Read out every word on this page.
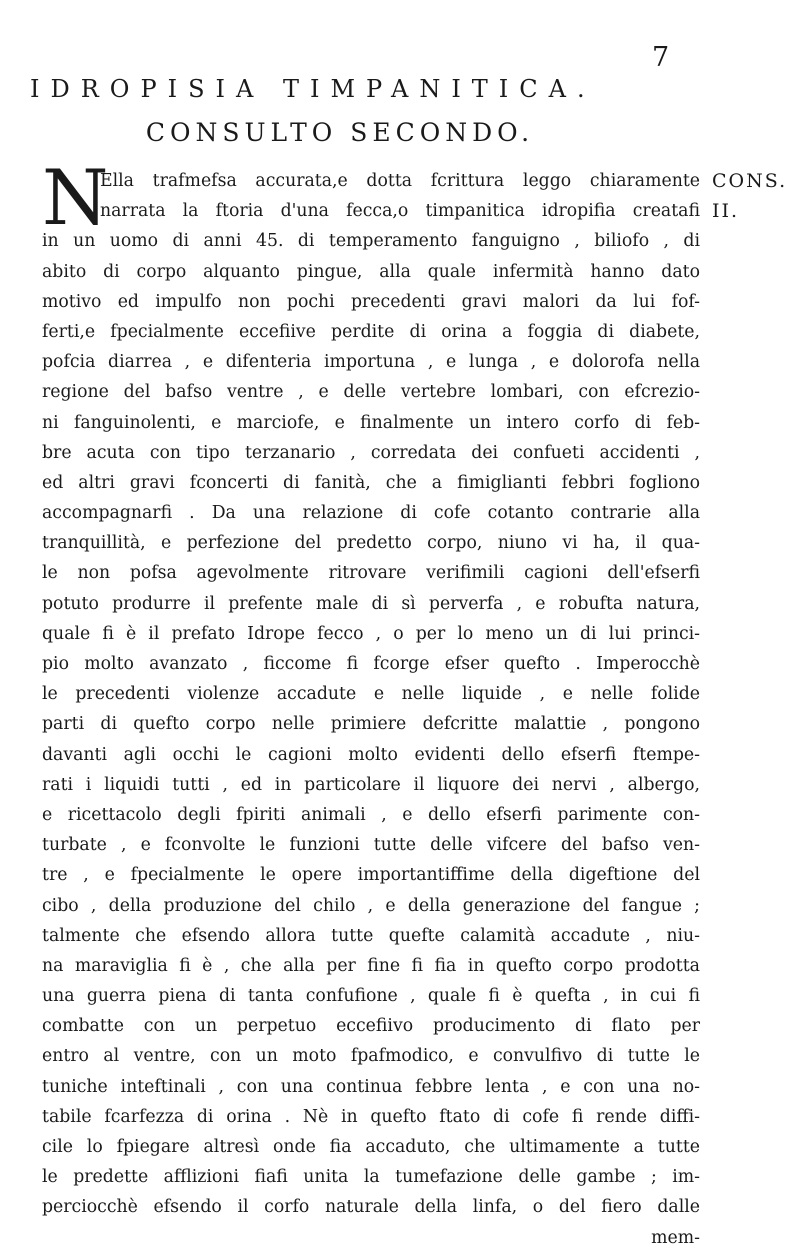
7
IDROPISIA TIMPANITICA.
CONSULTO SECONDO.
CONS.
II.
N
Ella trafmefsa accurata,e dotta fcrittura leggo chiaramente
narrata la ftoria d'una fecca,o timpanitica idropifia creatafi
in un uomo di anni 45. di temperamento fanguigno , biliofo , di
abito di corpo alquanto pingue, alla quale infermità hanno dato
motivo ed impulfo non pochi precedenti gravi malori da lui fof-
ferti,e fpecialmente eccefiive perdite di orina a foggia di diabete,
pofcia diarrea , e difenteria importuna , e lunga , e dolorofa nella
regione del bafso ventre , e delle vertebre lombari, con efcrezio-
ni fanguinolenti, e marciofe, e finalmente un intero corfo di feb-
bre acuta con tipo terzanario , corredata dei confueti accidenti ,
ed altri gravi fconcerti di fanità, che a fimiglianti febbri fogliono
accompagnarfi . Da una relazione di cofe cotanto contrarie alla
tranquillità, e perfezione del predetto corpo, niuno vi ha, il qua-
le non pofsa agevolmente ritrovare verifimili cagioni dell'efserfi
potuto produrre il prefente male di sì perverfa , e robufta natura,
quale fi è il prefato Idrope fecco , o per lo meno un di lui princi-
pio molto avanzato , ficcome fi fcorge efser quefto . Imperocchè
le precedenti violenze accadute e nelle liquide , e nelle folide
parti di quefto corpo nelle primiere defcritte malattie , pongono
davanti agli occhi le cagioni molto evidenti dello efserfi ftempe-
rati i liquidi tutti , ed in particolare il liquore dei nervi , albergo,
e ricettacolo degli fpiriti animali , e dello efserfi parimente con-
turbate , e fconvolte le funzioni tutte delle vifcere del bafso ven-
tre , e fpecialmente le opere importantiffime della digeftione del
cibo , della produzione del chilo , e della generazione del fangue ;
talmente che efsendo allora tutte quefte calamità accadute , niu-
na maraviglia fi è , che alla per fine fi fia in quefto corpo prodotta
una guerra piena di tanta confufione , quale fi è quefta , in cui fi
combatte con un perpetuo eccefiivo producimento di flato per
entro al ventre, con un moto fpafmodico, e convulfivo di tutte le
tuniche inteftinali , con una continua febbre lenta , e con una no-
tabile fcarfezza di orina . Nè in quefto ftato di cofe fi rende diffi-
cile lo fpiegare altresì onde fia accaduto, che ultimamente a tutte
le predette afflizioni fiafi unita la tumefazione delle gambe ; im-
perciocchè efsendo il corfo naturale della linfa, o del fiero dalle
mem-
